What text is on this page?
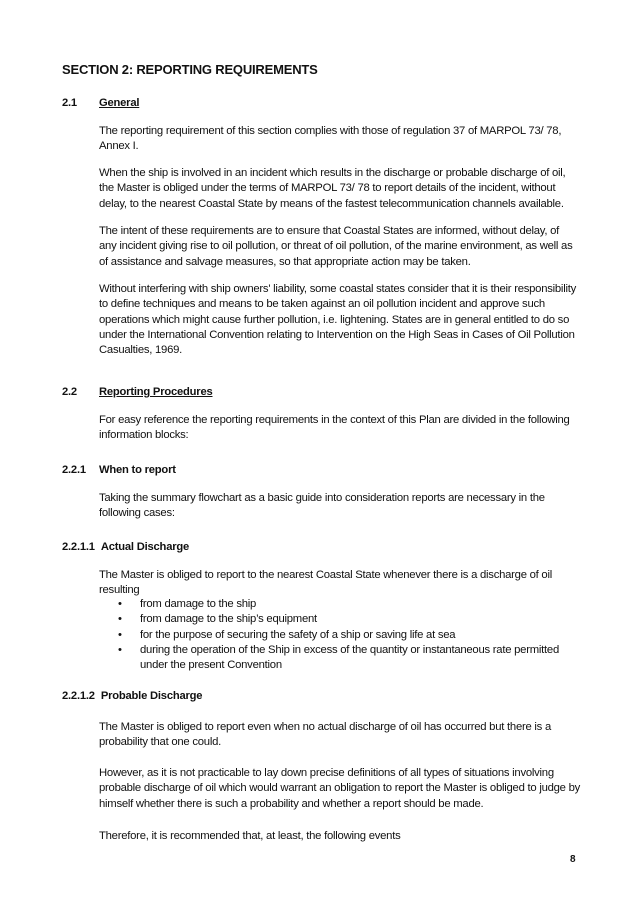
SECTION 2: REPORTING REQUIREMENTS
2.1 General

The reporting requirement of this section complies with those of regulation 37 of MARPOL 73/ 78, Annex I.

When the ship is involved in an incident which results in the discharge or probable discharge of oil, the Master is obliged under the terms of MARPOL 73/ 78 to report details of the incident, without delay, to the nearest Coastal State by means of the fastest telecommunication channels available.

The intent of these requirements are to ensure that Coastal States are informed, without delay, of any incident giving rise to oil pollution, or threat of oil pollution, of the marine environment, as well as of assistance and salvage measures, so that appropriate action may be taken.

Without interfering with ship owners' liability, some coastal states consider that it is their responsibility to define techniques and means to be taken against an oil pollution incident and approve such operations which might cause further pollution, i.e. lightening. States are in general entitled to do so under the International Convention relating to Intervention on the High Seas in Cases of Oil Pollution Casualties, 1969.

2.2 Reporting Procedures

For easy reference the reporting requirements in the context of this Plan are divided in the following information blocks:

2.2.1 When to report

Taking the summary flowchart as a basic guide into consideration reports are necessary in the following cases:

2.2.1.1 Actual Discharge

The Master is obliged to report to the nearest Coastal State whenever there is a discharge of oil resulting

• from damage to the ship
• from damage to the ship’s equipment
• for the purpose of securing the safety of a ship or saving life at sea
• during the operation of the Ship in excess of the quantity or instantaneous rate permitted under the present Convention
2.2.1.2 Probable Discharge

The Master is obliged to report even when no actual discharge of oil has occurred but there is a probability that one could.

However, as it is not practicable to lay down precise definitions of all types of situations involving probable discharge of oil which would warrant an obligation to report the Master is obliged to judge by himself whether there is such a probability and whether a report should be made.

Therefore, it is recommended that, at least, the following events

8
